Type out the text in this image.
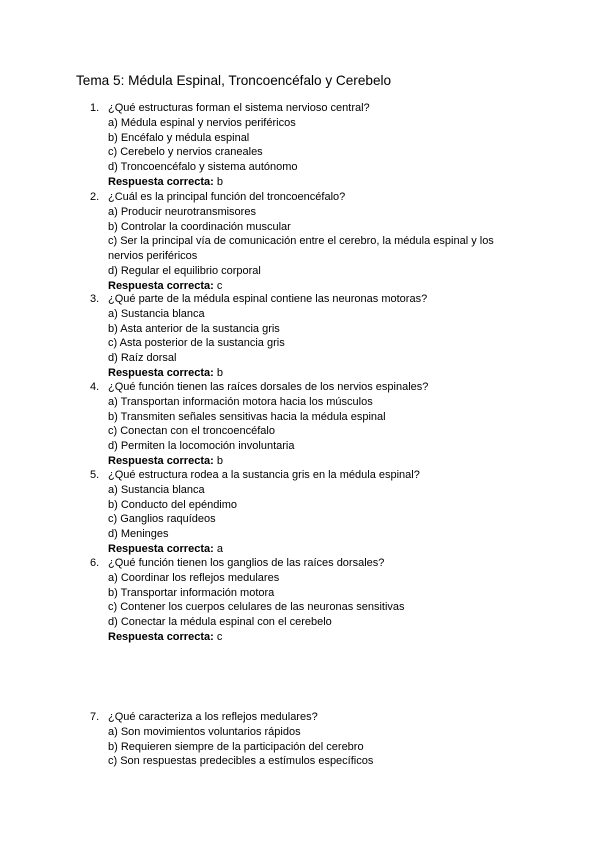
Tema 5: Médula Espinal, Troncoencéfalo y Cerebelo
1. ¿Qué estructuras forman el sistema nervioso central?
a) Médula espinal y nervios periféricos
b) Encéfalo y médula espinal
c) Cerebelo y nervios craneales
d) Troncoencéfalo y sistema autónomo
Respuesta correcta: b
2. ¿Cuál es la principal función del troncoencéfalo?
a) Producir neurotransmisores
b) Controlar la coordinación muscular
c) Ser la principal vía de comunicación entre el cerebro, la médula espinal y los nervios periféricos
d) Regular el equilibrio corporal
Respuesta correcta: c
3. ¿Qué parte de la médula espinal contiene las neuronas motoras?
a) Sustancia blanca
b) Asta anterior de la sustancia gris
c) Asta posterior de la sustancia gris
d) Raíz dorsal
Respuesta correcta: b
4. ¿Qué función tienen las raíces dorsales de los nervios espinales?
a) Transportan información motora hacia los músculos
b) Transmiten señales sensitivas hacia la médula espinal
c) Conectan con el troncoencéfalo
d) Permiten la locomoción involuntaria
Respuesta correcta: b
5. ¿Qué estructura rodea a la sustancia gris en la médula espinal?
a) Sustancia blanca
b) Conducto del epéndimo
c) Ganglios raquídeos
d) Meninges
Respuesta correcta: a
6. ¿Qué función tienen los ganglios de las raíces dorsales?
a) Coordinar los reflejos medulares
b) Transportar información motora
c) Contener los cuerpos celulares de las neuronas sensitivas
d) Conectar la médula espinal con el cerebelo
Respuesta correcta: c
7. ¿Qué caracteriza a los reflejos medulares?
a) Son movimientos voluntarios rápidos
b) Requieren siempre de la participación del cerebro
c) Son respuestas predecibles a estímulos específicos
